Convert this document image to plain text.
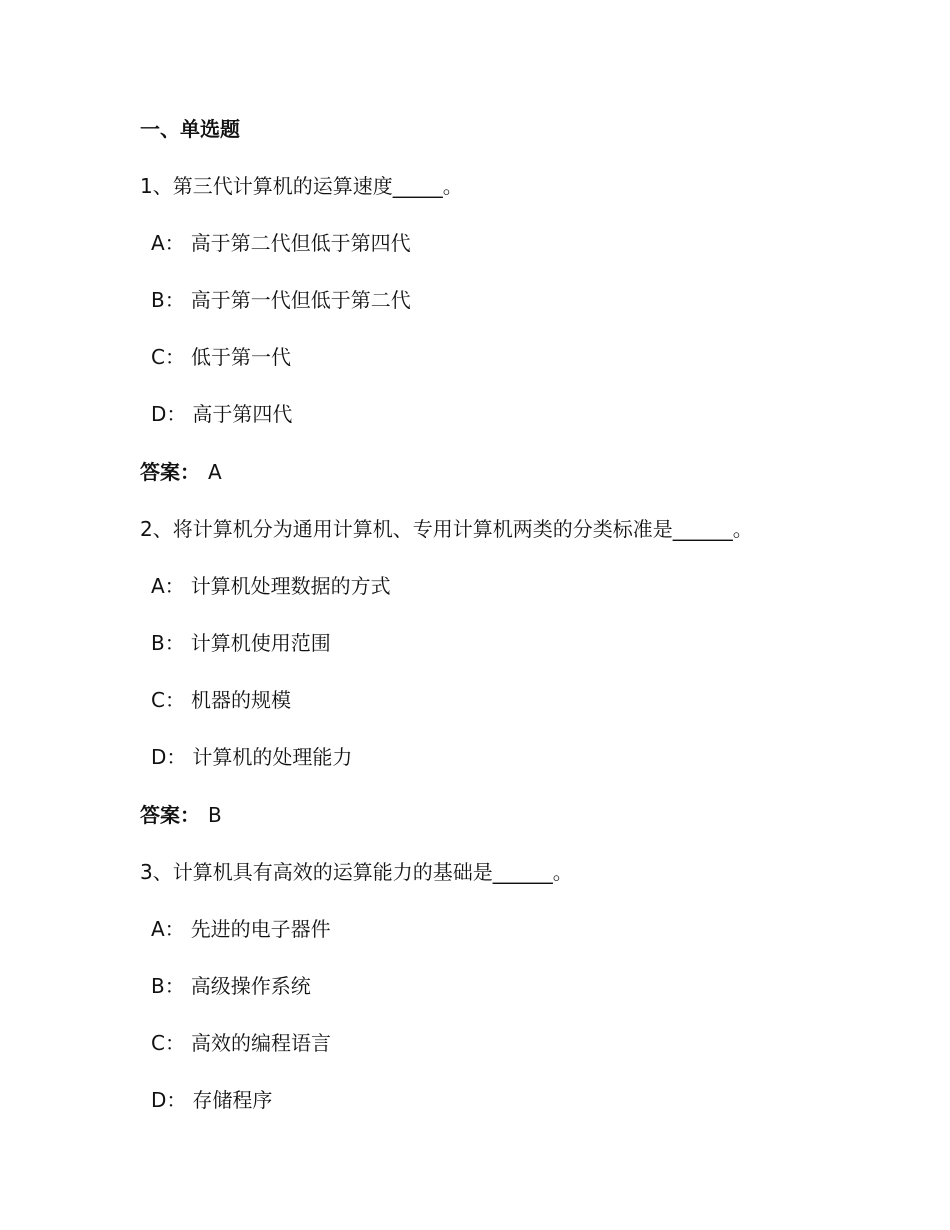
一、单选题
1、第三代计算机的运算速度_____。
A： 高于第二代但低于第四代
B： 高于第一代但低于第二代
C： 低于第一代
D： 高于第四代
答案： A
2、将计算机分为通用计算机、专用计算机两类的分类标准是______。
A： 计算机处理数据的方式
B： 计算机使用范围
C： 机器的规模
D： 计算机的处理能力
答案： B
3、计算机具有高效的运算能力的基础是______。
A： 先进的电子器件
B： 高级操作系统
C： 高效的编程语言
D： 存储程序
